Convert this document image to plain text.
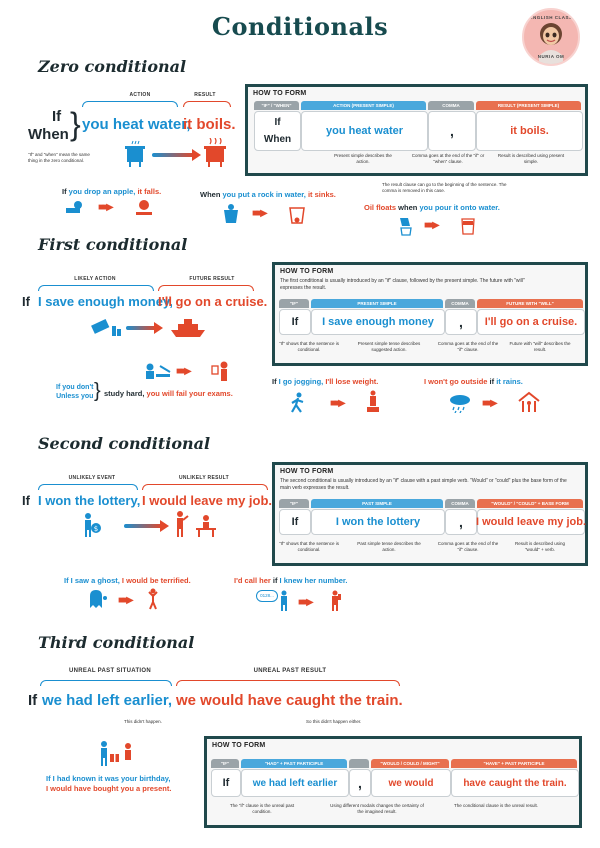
Conditionals	ENGLISH CLASS
NURIA OM
Zero conditional
ACTION	RESULT
If
When } you heat water,
it boils.
"If" and "when" mean the same thing in the zero conditional.
HOW TO FORM
"IF" / "WHEN"	ACTION (PRESENT SIMPLE)	COMMA	RESULT (PRESENT SIMPLE)
If
When
you heat water	,	it boils.
Present simple describes the action.
Comma goes at the end of the "if" or "when" clause.
Result is described using present simple.
If you drop an apple, it falls.
■■▶
When you put a rock in water, it sinks.
■■▶
The result clause can go to the beginning of the sentence. The comma is removed in this case.
Oil floats when you pour it onto water.
■■▶
First conditional
LIKELY ACTION	FUTURE RESULT
If I save enough money,
I'll go on a cruise.
HOW TO FORM
The first conditional is usually introduced by an "if" clause, followed by the present simple. The future with "will" expresses the result.
"IF"	PRESENT SIMPLE	COMMA	FUTURE WITH "WILL"
If	I save enough money	,	I'll go on a cruise.
"If" shows that the sentence is conditional.
Present simple tense describes suggested action.
Comma goes at the end of the "if" clause.
Future with "will" describes the result.
■■▶
If you don't
Unless you } study hard, you will fail your exams.
If I go jogging, I'll lose weight.
■■▶
I won't go outside if it rains.
■■▶
Second conditional
UNLIKELY EVENT	UNLIKELY RESULT
If I won the lottery, I would leave my job.
$
HOW TO FORM
The second conditional is usually introduced by an "if" clause with a past simple verb. "Would" or "could" plus the base form of the main verb expresses the result.
"IF"	PAST SIMPLE	COMMA	"WOULD" / "COULD" + BASE FORM
If	I won the lottery	,	I would leave my job.
"If" shows that the sentence is conditional.
Past simple tense describes the action.
Comma goes at the end of the "if" clause.
Result is described using "would" + verb.
If I saw a ghost, I would be terrified.
■■▶
I'd call her if I knew her number.
0128...
■■▶
Third conditional
UNREAL PAST SITUATION	UNREAL PAST RESULT
If we had left earlier, we would have caught the train.
This didn't happen.	So this didn't happen either.
If I had known it was your birthday,
I would have bought you a present.
HOW TO FORM
"IF"	"HAD" + PAST PARTICIPLE	"WOULD / COULD / MIGHT"	"HAVE" + PAST PARTICIPLE
If	we had left earlier	,	we would	have caught the train.
The "if" clause is the unreal past condition.
Using different modals changes the certainty of the imagined result.
The conditional clause is the unreal result.
